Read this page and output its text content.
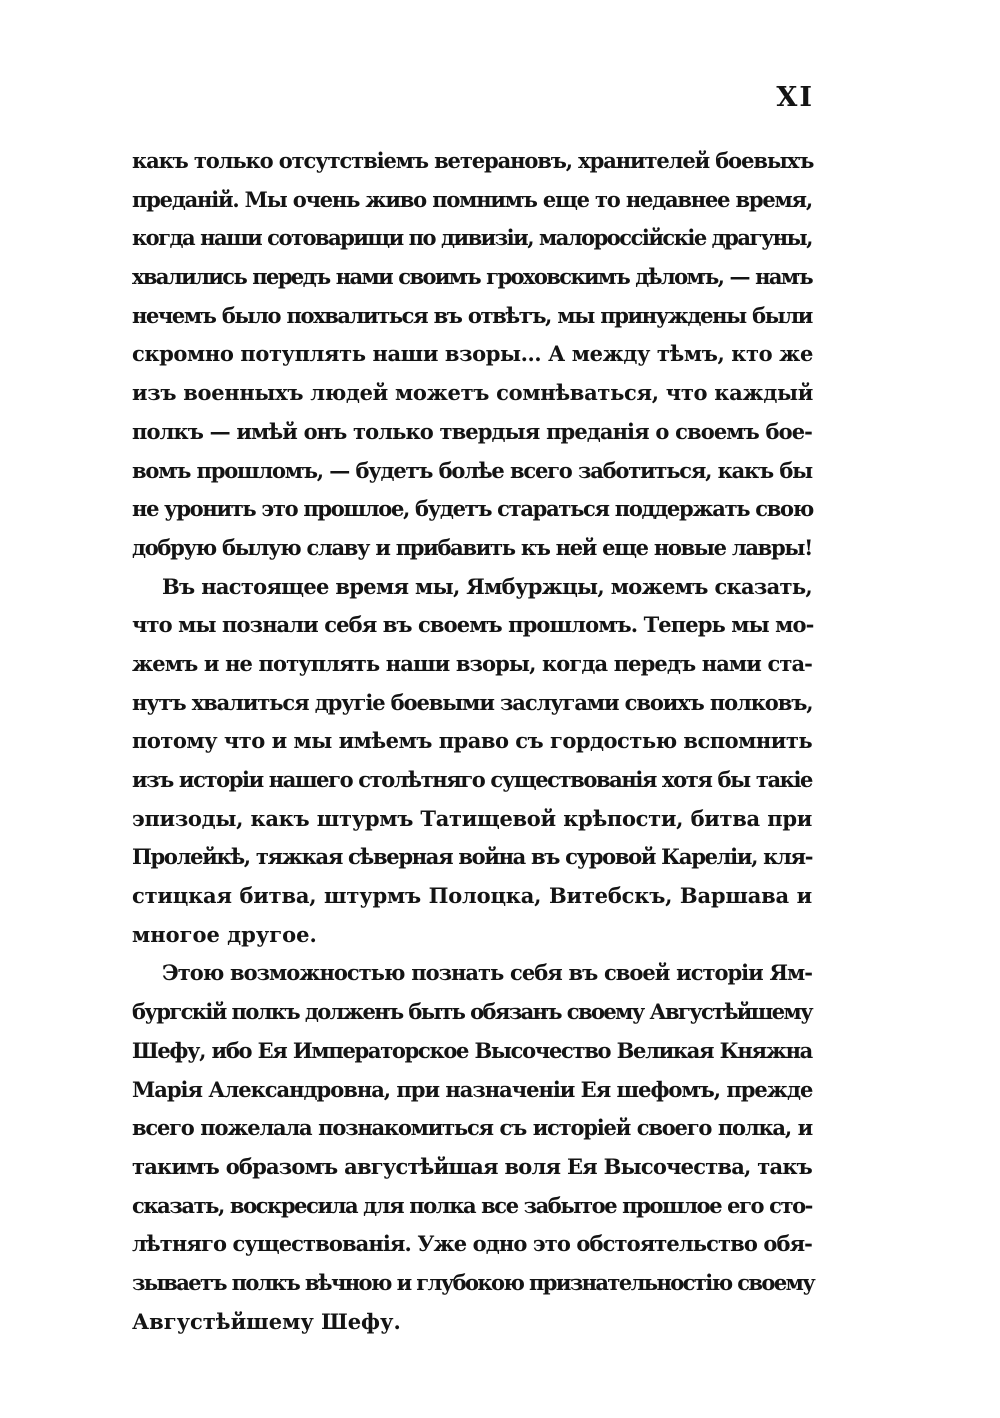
XI
какъ только отсутствіемъ ветерановъ, хранителей боевыхъ
преданій. Мы очень живо помнимъ еще то недавнее время,
когда наши сотоварищи по дивизіи, малороссійскіе драгуны,
хвалились передъ нами своимъ гроховскимъ дѣломъ, — намъ
нечемъ было похвалиться въ отвѣтъ, мы принуждены были
скромно потуплять наши взоры… А между тѣмъ, кто же
изъ военныхъ людей можетъ сомнѣваться, что каждый
полкъ — имѣй онъ только твердыя преданія о своемъ бое-
вомъ прошломъ, — будетъ болѣе всего заботиться, какъ бы
не уронить это прошлое, будетъ стараться поддержать свою
добрую былую славу и прибавить къ ней еще новые лавры!
Въ настоящее время мы, Ямбуржцы, можемъ сказать,
что мы познали себя въ своемъ прошломъ. Теперь мы мо-
жемъ и не потуплять наши взоры, когда передъ нами ста-
нутъ хвалиться другіе боевыми заслугами своихъ полковъ,
потому что и мы имѣемъ право съ гордостью вспомнить
изъ исторіи нашего столѣтняго существованія хотя бы такіе
эпизоды, какъ штурмъ Татищевой крѣпости, битва при
Пролейкѣ, тяжкая сѣверная война въ суровой Кареліи, кля-
стицкая битва, штурмъ Полоцка, Витебскъ, Варшава и
многое другое.
Этою возможностью познать себя въ своей исторіи Ям-
бургскій полкъ долженъ быть обязанъ своему Августѣйшему
Шефу, ибо Ея Императорское Высочество Великая Княжна
Марія Александровна, при назначеніи Ея шефомъ, прежде
всего пожелала познакомиться съ исторіей своего полка, и
такимъ образомъ августѣйшая воля Ея Высочества, такъ
сказать, воскресила для полка все забытое прошлое его сто-
лѣтняго существованія. Уже одно это обстоятельство обя-
зываетъ полкъ вѣчною и глубокою признательностію своему
Августѣйшему Шефу.
